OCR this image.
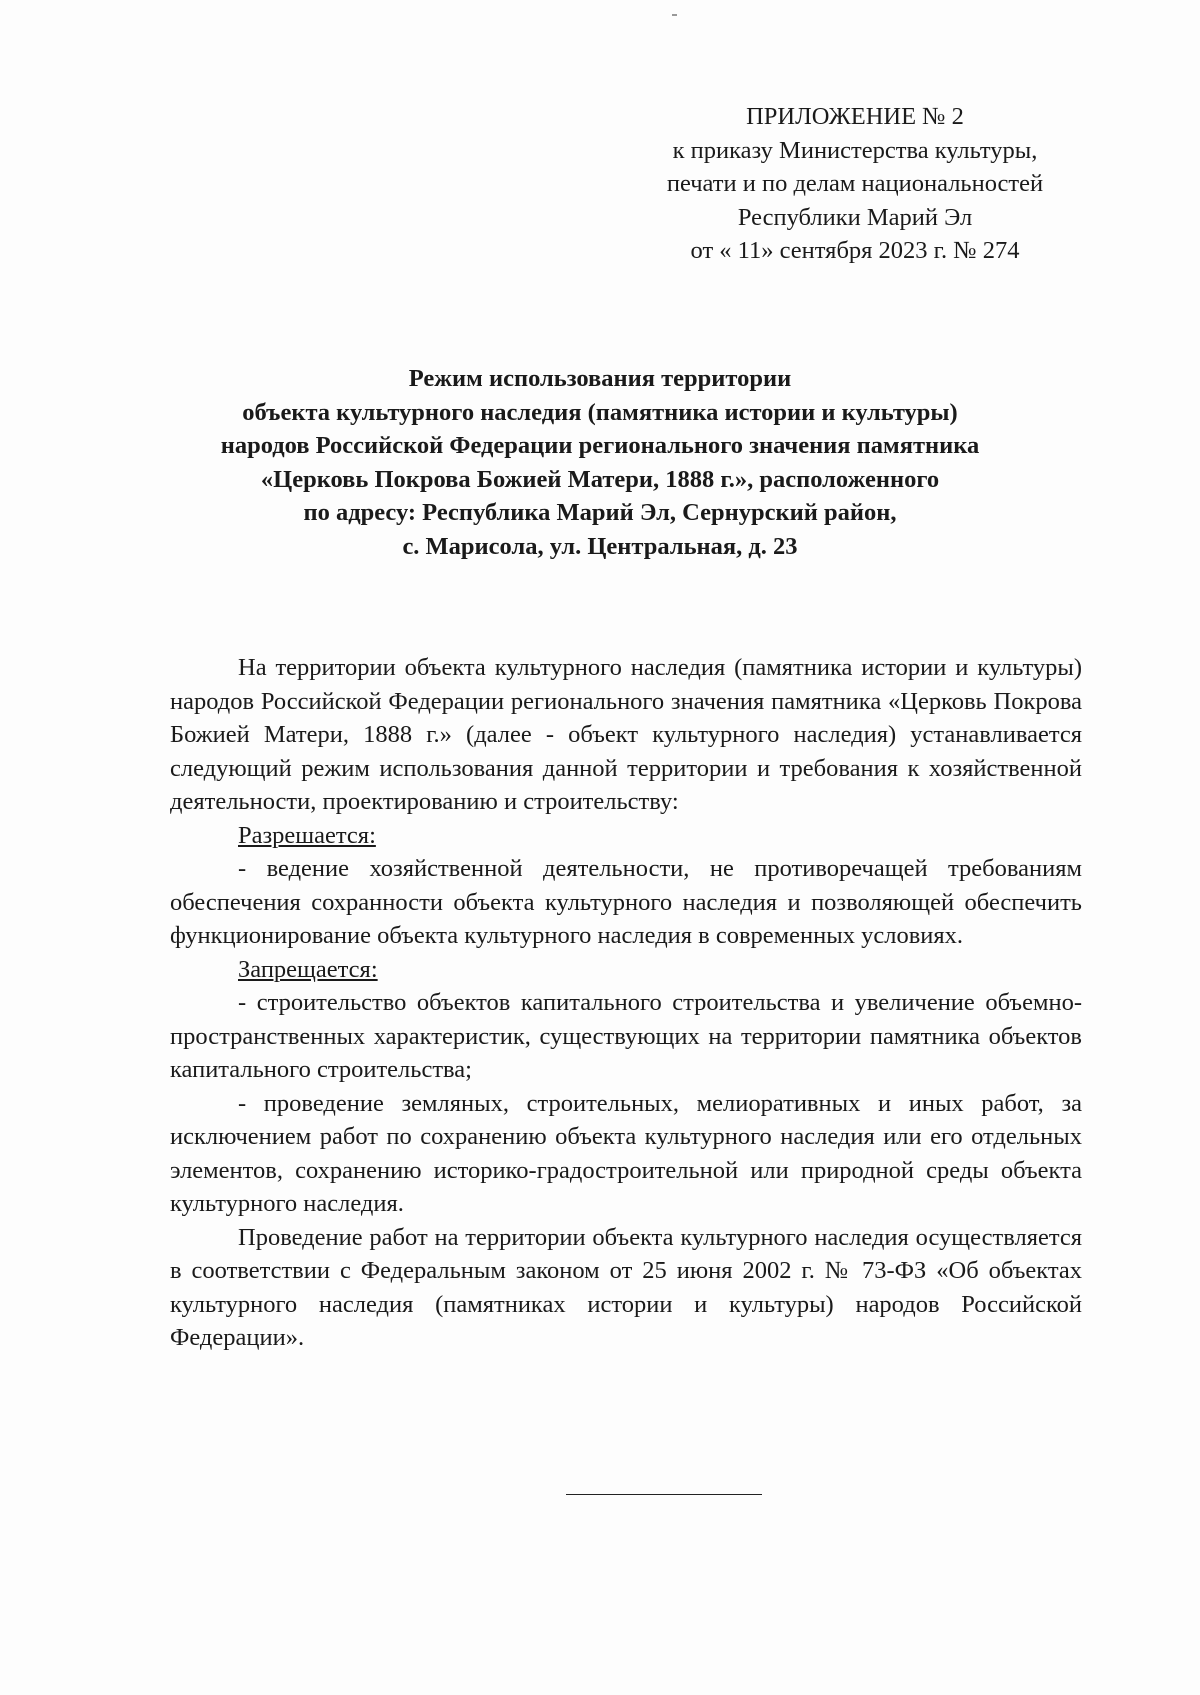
ПРИЛОЖЕНИЕ № 2
к приказу Министерства культуры,
печати и по делам национальностей
Республики Марий Эл
от « 11» сентября 2023 г. № 274
Режим использования территории
объекта культурного наследия (памятника истории и культуры)
народов Российской Федерации регионального значения памятника
«Церковь Покрова Божией Матери, 1888 г.», расположенного
по адресу: Республика Марий Эл, Сернурский район,
с. Марисола, ул. Центральная, д. 23

На территории объекта культурного наследия (памятника истории и культуры) народов Российской Федерации регионального значения памятника «Церковь Покрова Божией Матери, 1888 г.» (далее - объект культурного наследия) устанавливается следующий режим использования данной территории и требования к хозяйственной деятельности, проектированию и строительству:

Разрешается:

- ведение хозяйственной деятельности, не противоречащей требованиям обеспечения сохранности объекта культурного наследия и позволяющей обеспечить функционирование объекта культурного наследия в современных условиях.

Запрещается:

- строительство объектов капитального строительства и увеличение объемно-пространственных характеристик, существующих на территории памятника объектов капитального строительства;

- проведение земляных, строительных, мелиоративных и иных работ, за исключением работ по сохранению объекта культурного наследия или его отдельных элементов, сохранению историко-градостроительной или природной среды объекта культурного наследия.

Проведение работ на территории объекта культурного наследия осуществляется в соответствии с Федеральным законом от 25 июня 2002 г. № 73-ФЗ «Об объектах культурного наследия (памятниках истории и культуры) народов Российской Федерации».
